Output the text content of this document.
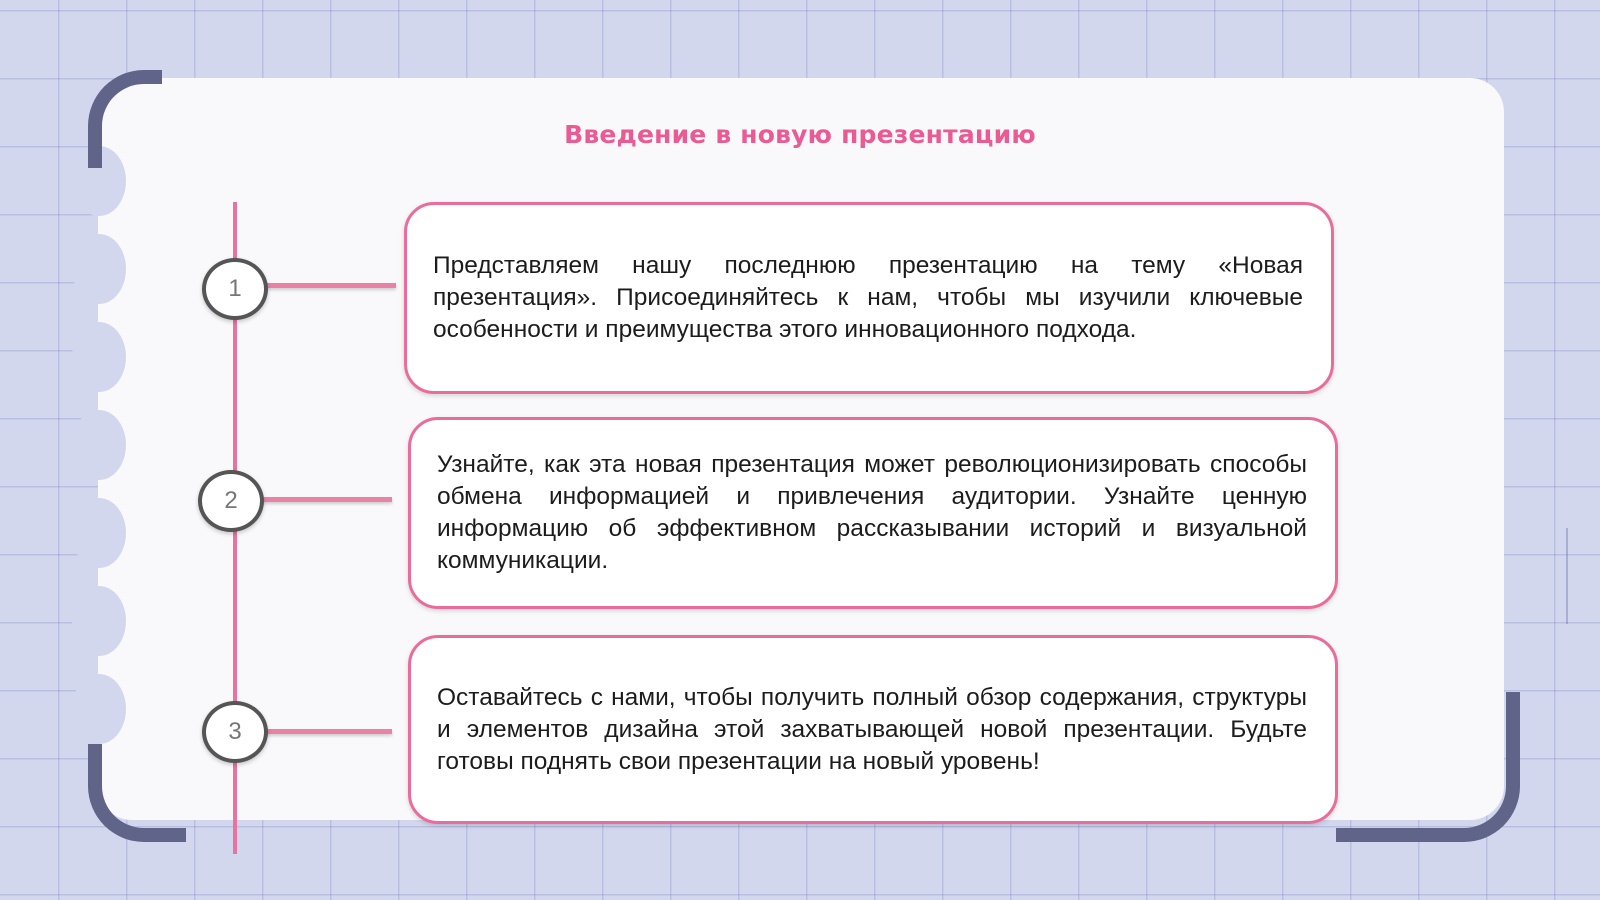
Введение в новую презентацию
1
2
3
Представляем нашу последнюю презентацию на тему «Новая презентация». Присоединяйтесь к нам, чтобы мы изучили ключевые особенности и преимущества этого инновационного подхода.
Узнайте, как эта новая презентация может революционизировать способы обмена информацией и привлечения аудитории. Узнайте ценную информацию об эффективном рассказывании историй и визуальной коммуникации.
Оставайтесь с нами, чтобы получить полный обзор содержания, структуры и элементов дизайна этой захватывающей новой презентации. Будьте готовы поднять свои презентации на новый уровень!
